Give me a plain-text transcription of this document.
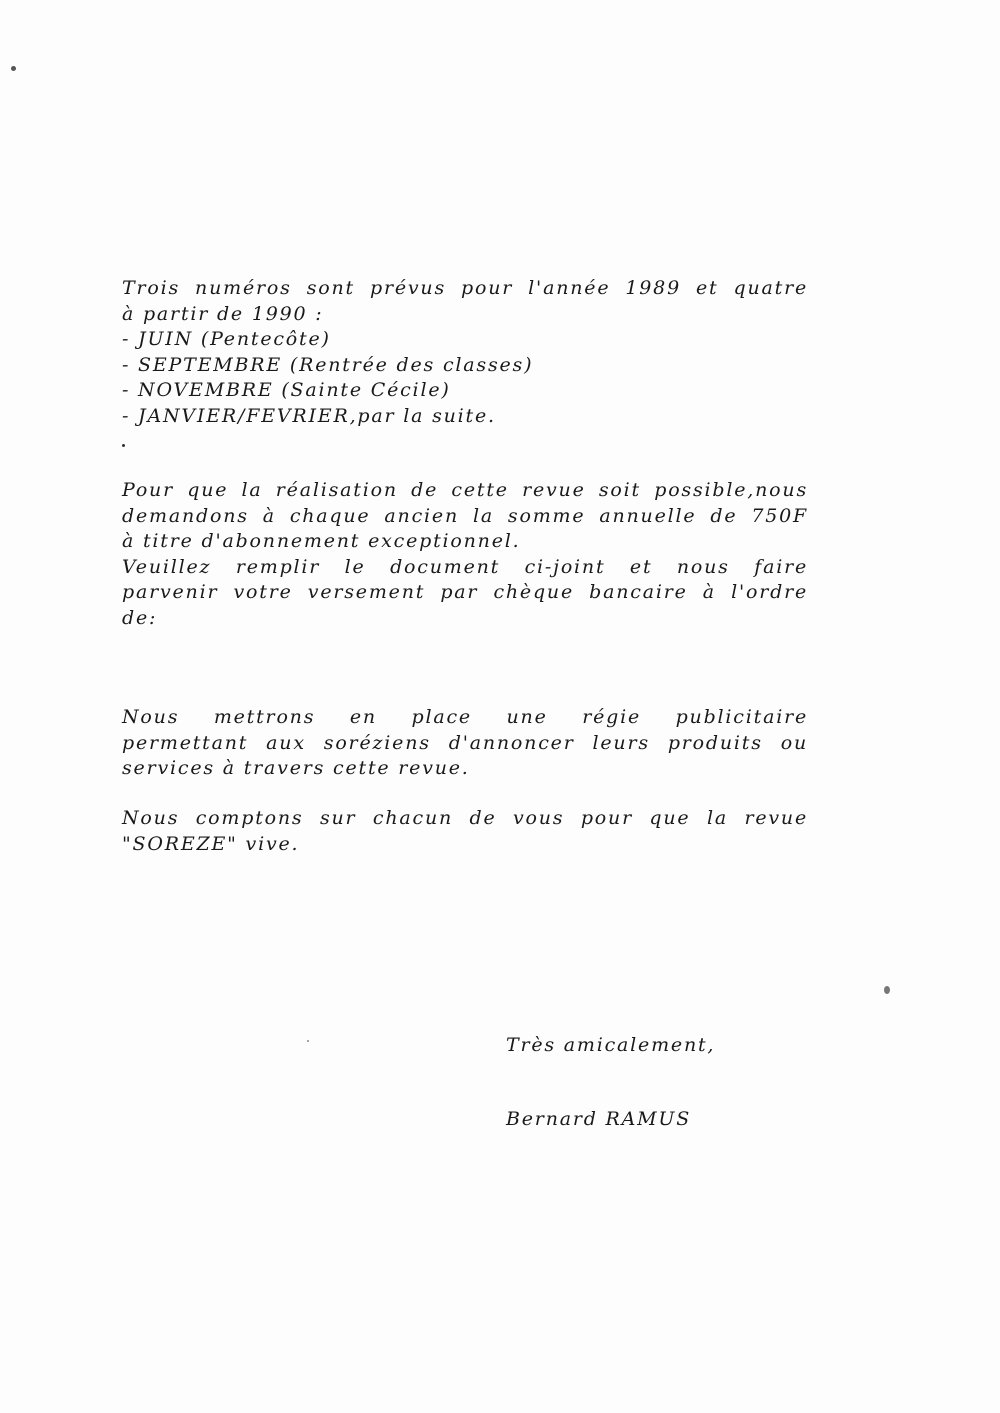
Trois numéros sont prévus pour l'année 1989 et quatre
à partir de 1990 :
- JUIN (Pentecôte)
- SEPTEMBRE (Rentrée des classes)
- NOVEMBRE (Sainte Cécile)
- JANVIER/FEVRIER,par la suite.
Pour que la réalisation de cette revue soit possible,nous
demandons à chaque ancien la somme annuelle de 750F
à titre d'abonnement exceptionnel.
Veuillez remplir le document ci-joint et nous faire
parvenir votre versement par chèque bancaire à l'ordre
de:
Nous mettrons en place une régie publicitaire
permettant aux soréziens d'annoncer leurs produits ou
services à travers cette revue.
Nous comptons sur chacun de vous pour que la revue
"SOREZE" vive.
Très amicalement,
Bernard RAMUS
